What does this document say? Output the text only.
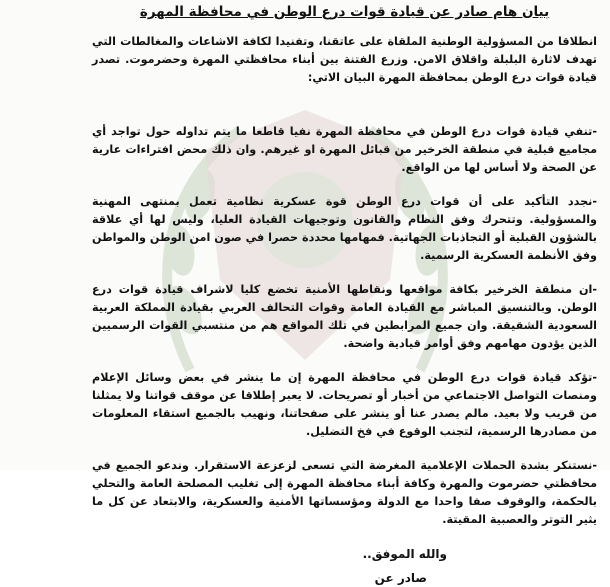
بيان هام صادر عن قيادة قوات درع الوطن في محافظة المهرة

انطلاقا من المسؤولية الوطنية الملقاة على عاتقنا، وتفنيدا لكافة الاشاعات والمغالطات التي تهدف لاثارة البلبلة واقلاق الامن. وزرع الفتنة بين أبناء محافظتي المهرة وحضرموت. تصدر قيادة قوات درع الوطن بمحافظة المهرة البيان الاتي:

-تنفي قيادة قوات درع الوطن في محافظة المهرة نفيا قاطعا ما يتم تداوله حول تواجد أي مجاميع قبلية في منطقة الخرخير من قبائل المهرة او غيرهم. وان ذلك محض افتراءات عارية عن الصحة ولا أساس لها من الواقع.

-نجدد التأكيد على أن قوات درع الوطن قوة عسكرية نظامية تعمل بمنتهى المهنية والمسؤولية. وتتحرك وفق النظام والقانون وتوجيهات القيادة العليا، وليس لها أي علاقة بالشؤون القبلية أو التجاذبات الجهاتية. فمهامها محددة حصرا في صون امن الوطن والمواطن وفق الأنظمة العسكرية الرسمية.

-ان منطقة الخرخير بكافة مواقعها ونقاطها الأمنية تخضع كليا لاشراف قيادة قوات درع الوطن. وبالتنسيق المباشر مع القيادة العامة وقوات التحالف العربي بقيادة المملكة العربية السعودية الشقيقة. وان جميع المرابطين في تلك المواقع هم من منتسبي القوات الرسميين الذين يؤدون مهامهم وفق أوامر قيادية واضحة.

-تؤكد قيادة قوات درع الوطن في محافظة المهرة إن ما ينشر في بعض وسائل الإعلام ومنصات التواصل الاجتماعي من أخبار أو تصريحات. لا يعبر إطلاقا عن موقف قواتنا ولا يمثلنا من قريب ولا بعيد. مالم يصدر عنا أو ينشر على صفحاتنا، ونهيب بالجميع استقاء المعلومات من مصادرها الرسمية، لتجنب الوقوع في فخ التضليل.

-نستنكر بشدة الحملات الإعلامية المغرضة التي تسعى لزعزعة الاستقرار. وندعو الجميع في محافظتي حضرموت والمهرة وكافة أبناء محافظة المهرة إلى تغليب المصلحة العامة والتحلي بالحكمة، والوقوف صفا واحدا مع الدولة ومؤسساتها الأمنية والعسكرية، والابتعاد عن كل ما يثير التوتر والعصبية المقيتة.

والله الموفق..
صادر عن
